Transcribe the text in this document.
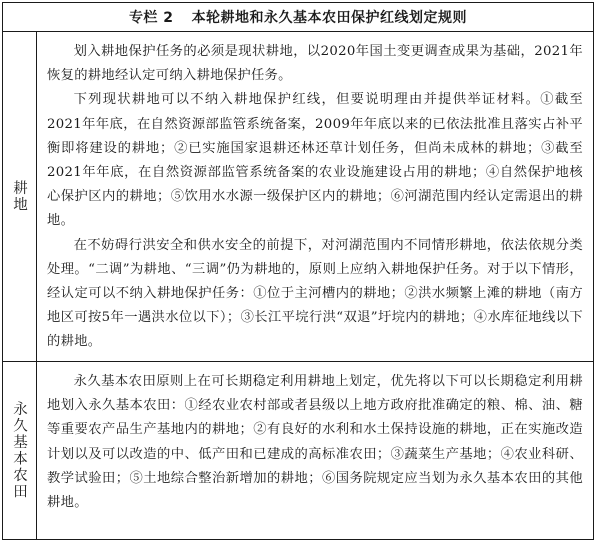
专栏 2 本轮耕地和永久基本农田保护红线划定规则
耕地

划入耕地保护任务的必须是现状耕地，以2020年国土变更调查成果为基础，2021年恢复的耕地经认定可纳入耕地保护任务。

下列现状耕地可以不纳入耕地保护红线，但要说明理由并提供举证材料。①截至2021年年底，在自然资源部监管系统备案，2009年年底以来的已依法批准且落实占补平衡即将建设的耕地；②已实施国家退耕还林还草计划任务，但尚未成林的耕地；③截至2021年年底，在自然资源部监管系统备案的农业设施建设占用的耕地；④自然保护地核心保护区内的耕地；⑤饮用水水源一级保护区内的耕地；⑥河湖范围内经认定需退出的耕地。

在不妨碍行洪安全和供水安全的前提下，对河湖范围内不同情形耕地，依法依规分类处理。“二调”为耕地、“三调”仍为耕地的，原则上应纳入耕地保护任务。对于以下情形，经认定可以不纳入耕地保护任务：①位于主河槽内的耕地；②洪水频繁上滩的耕地（南方地区可按5年一遇洪水位以下）；③长江平垸行洪“双退”圩垸内的耕地；④水库征地线以下的耕地。

永久基本农田

永久基本农田原则上在可长期稳定利用耕地上划定，优先将以下可以长期稳定利用耕地划入永久基本农田：①经农业农村部或者县级以上地方政府批准确定的粮、棉、油、糖等重要农产品生产基地内的耕地；②有良好的水利和水土保持设施的耕地，正在实施改造计划以及可以改造的中、低产田和已建成的高标准农田；③蔬菜生产基地；④农业科研、教学试验田；⑤土地综合整治新增加的耕地；⑥国务院规定应当划为永久基本农田的其他耕地。
